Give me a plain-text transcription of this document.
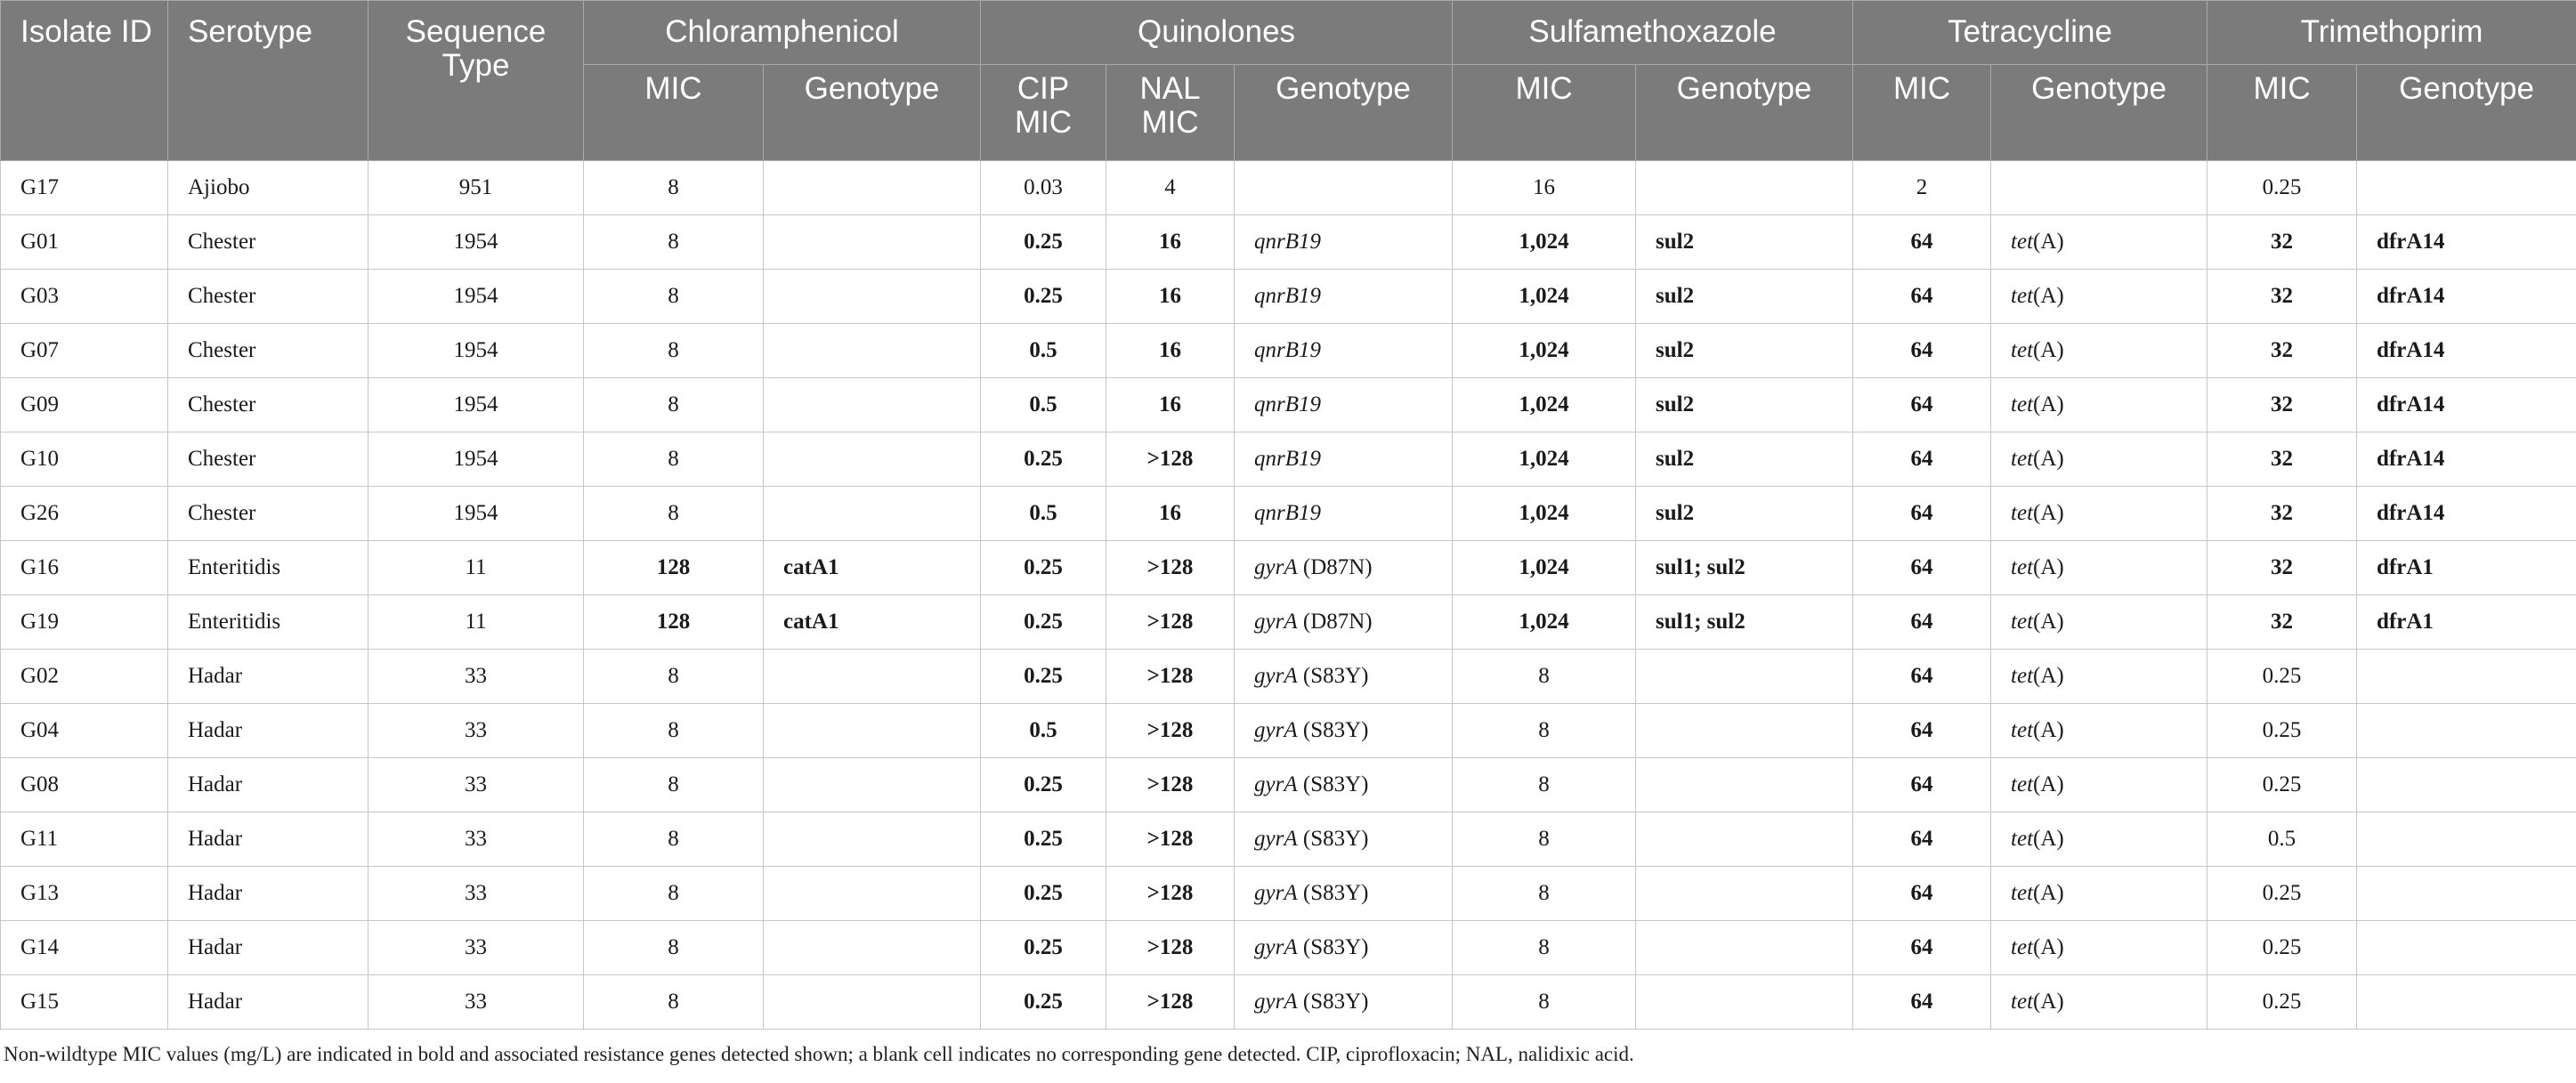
Isolate ID	Serotype	Sequence Type	Chloramphenicol		Quinolones			Sulfamethoxazole		Tetracycline		Trimethoprim	
			MIC	Genotype	CIP MIC	NAL MIC	Genotype	MIC	Genotype	MIC	Genotype	MIC	Genotype
G17	Ajiobo	951	8		0.03	4		16		2		0.25	
G01	Chester	1954	8		0.25	16	qnrB19	1,024	sul2	64	tet(A)	32	dfrA14
G03	Chester	1954	8		0.25	16	qnrB19	1,024	sul2	64	tet(A)	32	dfrA14
G07	Chester	1954	8		0.5	16	qnrB19	1,024	sul2	64	tet(A)	32	dfrA14
G09	Chester	1954	8		0.5	16	qnrB19	1,024	sul2	64	tet(A)	32	dfrA14
G10	Chester	1954	8		0.25	>128	qnrB19	1,024	sul2	64	tet(A)	32	dfrA14
G26	Chester	1954	8		0.5	16	qnrB19	1,024	sul2	64	tet(A)	32	dfrA14
G16	Enteritidis	11	128	catA1	0.25	>128	gyrA (D87N)	1,024	sul1; sul2	64	tet(A)	32	dfrA1
G19	Enteritidis	11	128	catA1	0.25	>128	gyrA (D87N)	1,024	sul1; sul2	64	tet(A)	32	dfrA1
G02	Hadar	33	8		0.25	>128	gyrA (S83Y)	8		64	tet(A)	0.25	
G04	Hadar	33	8		0.5	>128	gyrA (S83Y)	8		64	tet(A)	0.25	
G08	Hadar	33	8		0.25	>128	gyrA (S83Y)	8		64	tet(A)	0.25	
G11	Hadar	33	8		0.25	>128	gyrA (S83Y)	8		64	tet(A)	0.5	
G13	Hadar	33	8		0.25	>128	gyrA (S83Y)	8		64	tet(A)	0.25	
G14	Hadar	33	8		0.25	>128	gyrA (S83Y)	8		64	tet(A)	0.25	
G15	Hadar	33	8		0.25	>128	gyrA (S83Y)	8		64	tet(A)	0.25	
Non-wildtype MIC values (mg/L) are indicated in bold and associated resistance genes detected shown; a blank cell indicates no corresponding gene detected. CIP, ciprofloxacin; NAL, nalidixic acid.
